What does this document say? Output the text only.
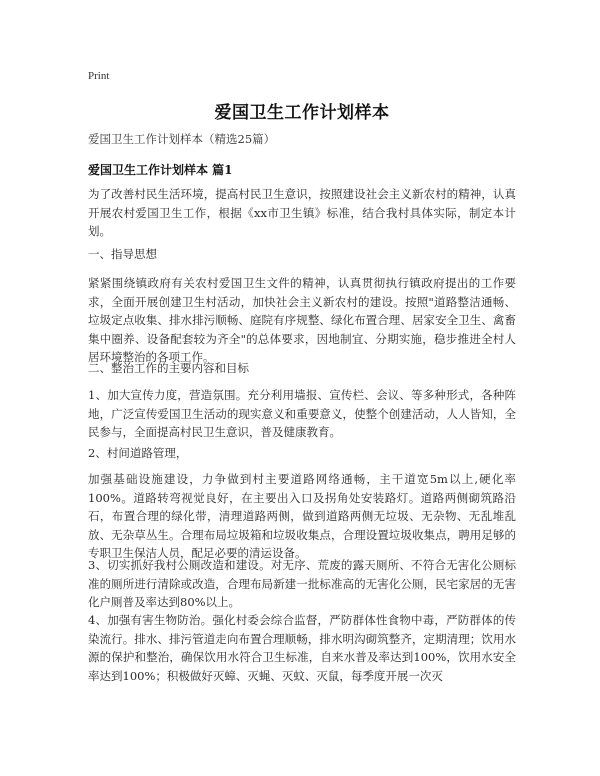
Print
爱国卫生工作计划样本
爱国卫生工作计划样本（精选25篇）
爱国卫生工作计划样本 篇1

为了改善村民生活环境，提高村民卫生意识，按照建设社会主义新农村的精神，认真开展农村爱国卫生工作，根据《xx市卫生镇》标准，结合我村具体实际，制定本计划。

一、指导思想

紧紧围绕镇政府有关农村爱国卫生文件的精神，认真贯彻执行镇政府提出的工作要求，全面开展创建卫生村活动，加快社会主义新农村的建设。按照"道路整洁通畅、垃圾定点收集、排水排污顺畅、庭院有序规整、绿化布置合理、居家安全卫生、禽畜集中圈养、设备配套较为齐全"的总体要求，因地制宜、分期实施，稳步推进全村人居环境整治的各项工作。

二、整治工作的主要内容和目标

1、加大宣传力度，营造氛围。充分利用墙报、宣传栏、会议、等多种形式，各种阵地，广泛宣传爱国卫生活动的现实意义和重要意义，使整个创建活动，人人皆知，全民参与，全面提高村民卫生意识，普及健康教育。

2、村间道路管理，

加强基础设施建设，力争做到村主要道路网络通畅，主干道宽5m以上,硬化率100%。道路转弯视觉良好，在主要出入口及拐角处安装路灯。道路两侧砌筑路沿石，布置合理的绿化带，清理道路两侧，做到道路两侧无垃圾、无杂物、无乱堆乱放、无杂草丛生。合理布局垃圾箱和垃圾收集点，合理设置垃圾收集点，聘用足够的专职卫生保洁人员，配足必要的清运设备。

3、切实抓好我村公厕改造和建设。对无序、荒废的露天厕所、不符合无害化公厕标准的厕所进行清除或改造，合理布局新建一批标准高的无害化公厕，民宅家居的无害化户厕普及率达到80%以上。

4、加强有害生物防治。强化村委会综合监督，严防群体性食物中毒，严防群体的传染流行。排水、排污管道走向布置合理顺畅，排水明沟砌筑整齐，定期清理；饮用水源的保护和整治，确保饮用水符合卫生标准，自来水普及率达到100%，饮用水安全率达到100%；积极做好灭蟑、灭蝇、灭蚊、灭鼠，每季度开展一次灭
